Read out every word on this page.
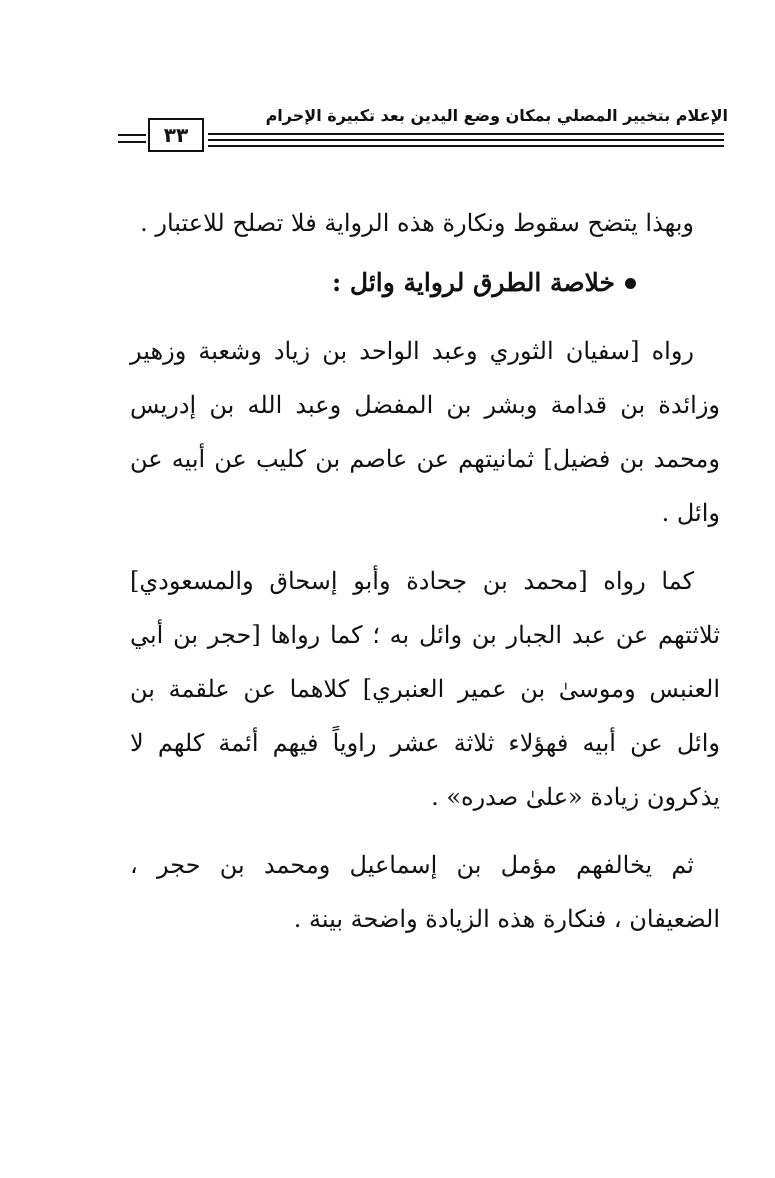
الإعلام بتخيير المصلي بمكان وضع اليدين بعد تكبيرة الإحرام
٣٣

وبهذا يتضح سقوط ونكارة هذه الرواية فلا تصلح للاعتبار .

خلاصة الطرق لرواية وائل :

رواه [سفيان الثوري وعبد الواحد بن زياد وشعبة وزهير وزائدة بن قدامة وبشر بن المفضل وعبد الله بن إدريس ومحمد بن فضيل] ثمانيتهم عن عاصم بن كليب عن أبيه عن وائل .

كما رواه [محمد بن جحادة وأبو إسحاق والمسعودي] ثلاثتهم عن عبد الجبار بن وائل به ؛ كما رواها [حجر بن أبي العنبس وموسىٰ بن عمير العنبري] كلاهما عن علقمة بن وائل عن أبيه فهؤلاء ثلاثة عشر راوياً فيهم أئمة كلهم لا يذكرون زيادة «علىٰ صدره» .

ثم يخالفهم مؤمل بن إسماعيل ومحمد بن حجر ، الضعيفان ، فنكارة هذه الزيادة واضحة بينة .
